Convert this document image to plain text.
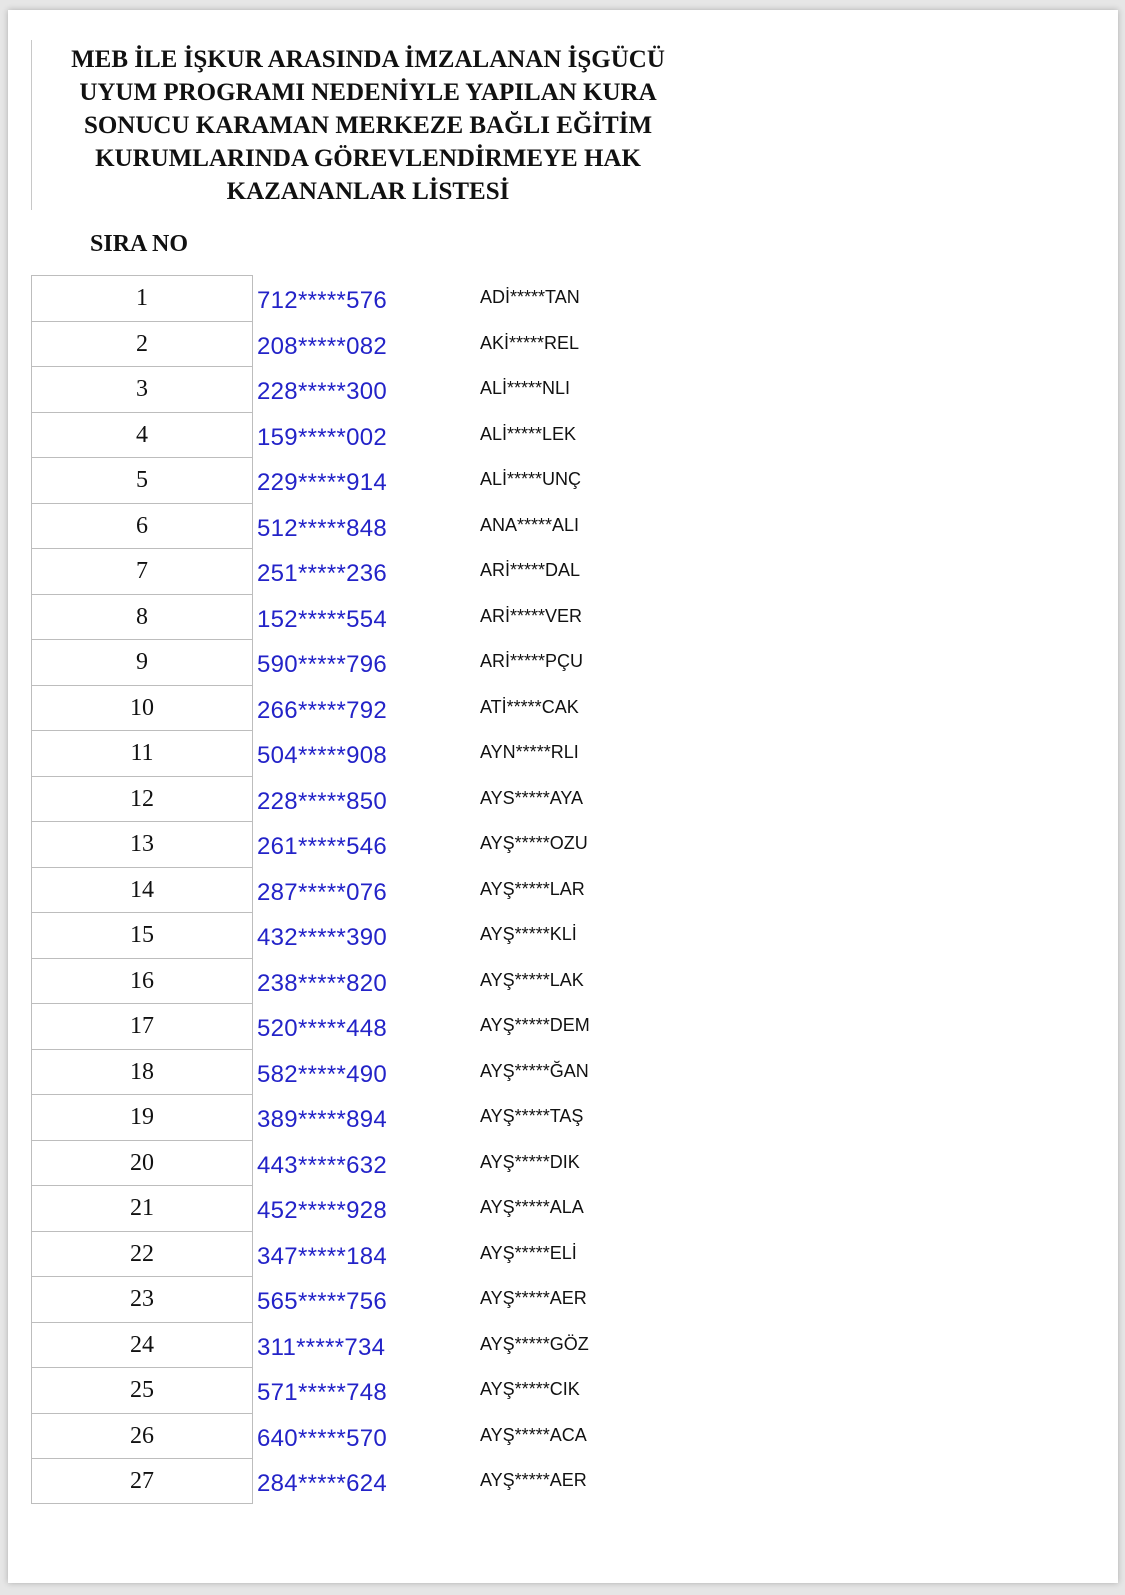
MEB İLE İŞKUR ARASINDA İMZALANAN İŞGÜCÜ
UYUM PROGRAMI NEDENİYLE YAPILAN KURA
SONUCU KARAMAN MERKEZE BAĞLI EĞİTİM
KURUMLARINDA GÖREVLENDİRMEYE HAK
KAZANANLAR LİSTESİ
SIRA NO
1	712*****576	ADİ*****TAN
2	208*****082	AKİ*****REL
3	228*****300	ALİ*****NLI
4	159*****002	ALİ*****LEK
5	229*****914	ALİ*****UNÇ
6	512*****848	ANA*****ALI
7	251*****236	ARİ*****DAL
8	152*****554	ARİ*****VER
9	590*****796	ARİ*****PÇU
10	266*****792	ATİ*****CAK
11	504*****908	AYN*****RLI
12	228*****850	AYS*****AYA
13	261*****546	AYŞ*****OZU
14	287*****076	AYŞ*****LAR
15	432*****390	AYŞ*****KLİ
16	238*****820	AYŞ*****LAK
17	520*****448	AYŞ*****DEM
18	582*****490	AYŞ*****ĞAN
19	389*****894	AYŞ*****TAŞ
20	443*****632	AYŞ*****DIK
21	452*****928	AYŞ*****ALA
22	347*****184	AYŞ*****ELİ
23	565*****756	AYŞ*****AER
24	311*****734	AYŞ*****GÖZ
25	571*****748	AYŞ*****CIK
26	640*****570	AYŞ*****ACA
27	284*****624	AYŞ*****AER
